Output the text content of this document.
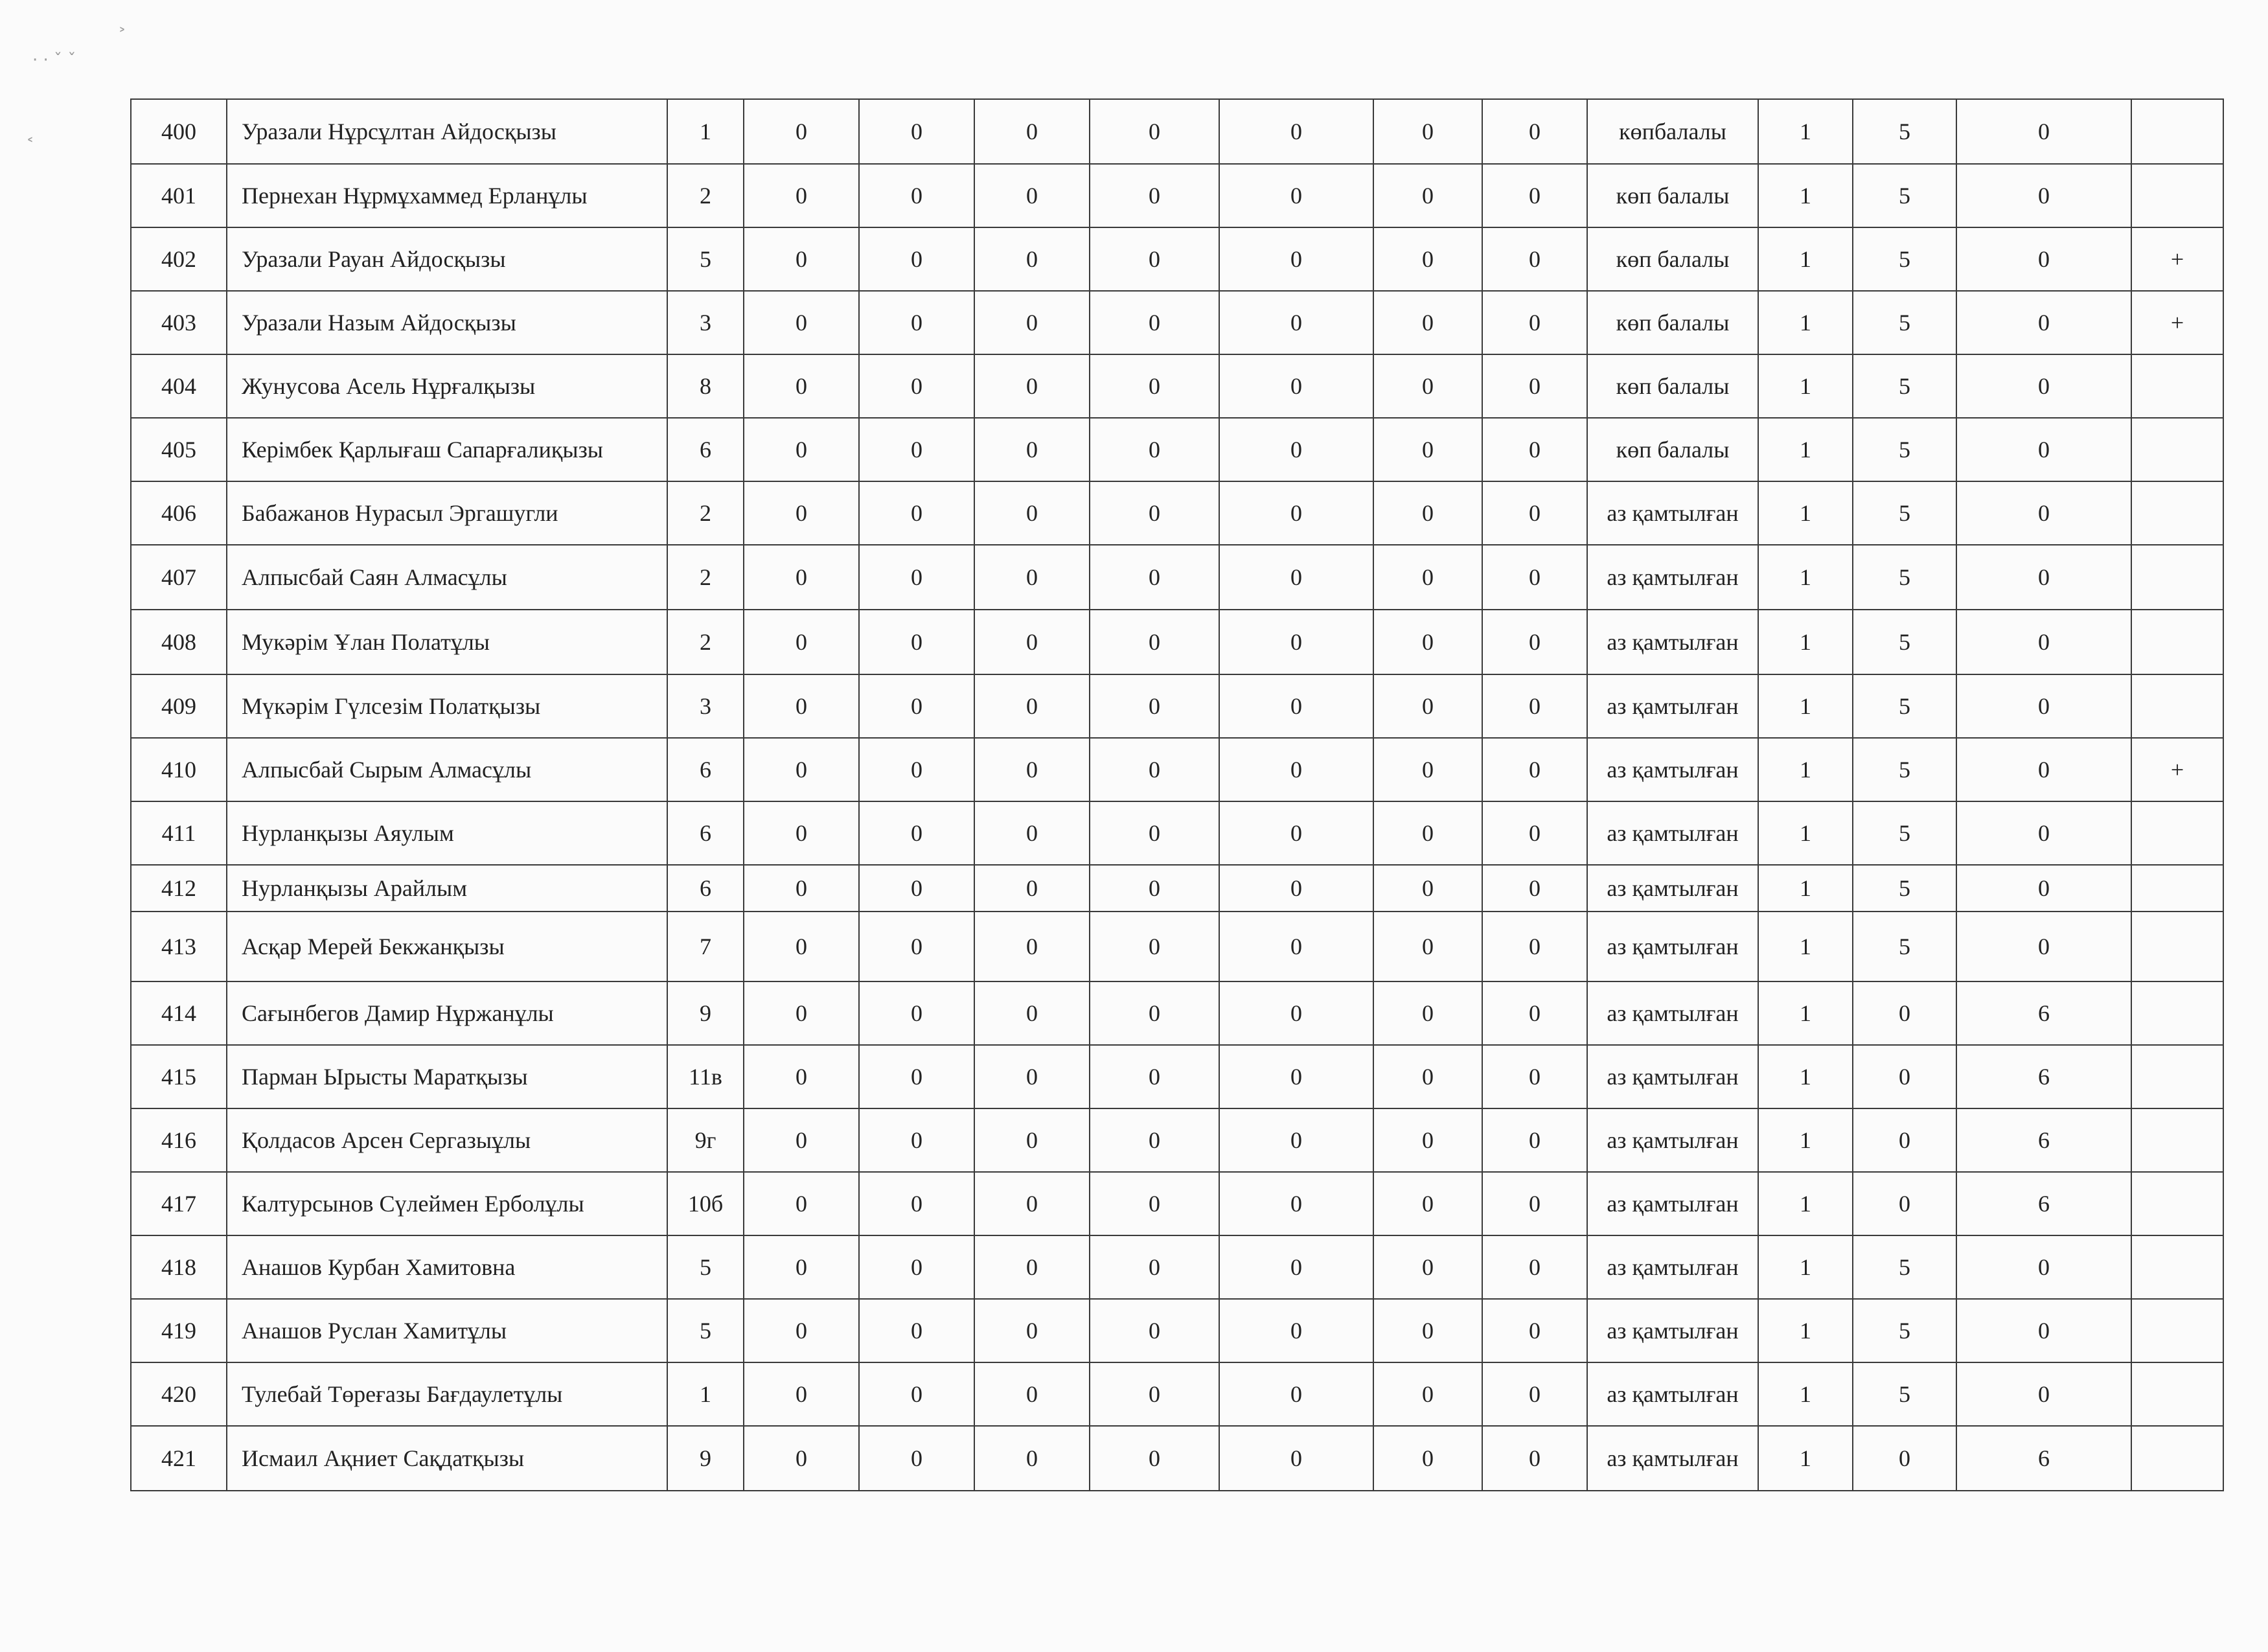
400	Уразали Нұрсұлтан Айдосқызы	1	0	0	0	0	0	0	0	көпбалалы	1	5	0	
401	Пернехан Нұрмұхаммед Ерланұлы	2	0	0	0	0	0	0	0	көп балалы	1	5	0	
402	Уразали Рауан Айдосқызы	5	0	0	0	0	0	0	0	көп балалы	1	5	0	+
403	Уразали Назым Айдосқызы	3	0	0	0	0	0	0	0	көп балалы	1	5	0	+
404	Жунусова Асель Нұрғалқызы	8	0	0	0	0	0	0	0	көп балалы	1	5	0	
405	Керімбек Қарлығаш Сапарғалиқызы	6	0	0	0	0	0	0	0	көп балалы	1	5	0	
406	Бабажанов Нурасыл Эргашугли	2	0	0	0	0	0	0	0	аз қамтылған	1	5	0	
407	Алпысбай Саян Алмасұлы	2	0	0	0	0	0	0	0	аз қамтылған	1	5	0	
408	Мукәрім Ұлан Полатұлы	2	0	0	0	0	0	0	0	аз қамтылған	1	5	0	
409	Мүкәрім Гүлсезім Полатқызы	3	0	0	0	0	0	0	0	аз қамтылған	1	5	0	
410	Алпысбай Сырым Алмасұлы	6	0	0	0	0	0	0	0	аз қамтылған	1	5	0	+
411	Нурланқызы Аяулым	6	0	0	0	0	0	0	0	аз қамтылған	1	5	0	
412	Нурланқызы Арайлым	6	0	0	0	0	0	0	0	аз қамтылған	1	5	0	
413	Асқар Мерей Бекжанқызы	7	0	0	0	0	0	0	0	аз қамтылған	1	5	0	
414	Сағынбегов Дамир Нұржанұлы	9	0	0	0	0	0	0	0	аз қамтылған	1	0	6	
415	Парман Ырысты Маратқызы	11в	0	0	0	0	0	0	0	аз қамтылған	1	0	6	
416	Қолдасов Арсен Сергазыұлы	9г	0	0	0	0	0	0	0	аз қамтылған	1	0	6	
417	Калтурсынов Сүлеймен Ерболұлы	10б	0	0	0	0	0	0	0	аз қамтылған	1	0	6	
418	Анашов Курбан Хамитовна	5	0	0	0	0	0	0	0	аз қамтылған	1	5	0	
419	Анашов Руслан Хамитұлы	5	0	0	0	0	0	0	0	аз қамтылған	1	5	0	
420	Тулебай Төреғазы Бағдаулетұлы	1	0	0	0	0	0	0	0	аз қамтылған	1	5	0	
421	Исмаил Ақниет Сақдатқызы	9	0	0	0	0	0	0	0	аз қамтылған	1	0	6	
˃
· · ˇ ˇ
˂
